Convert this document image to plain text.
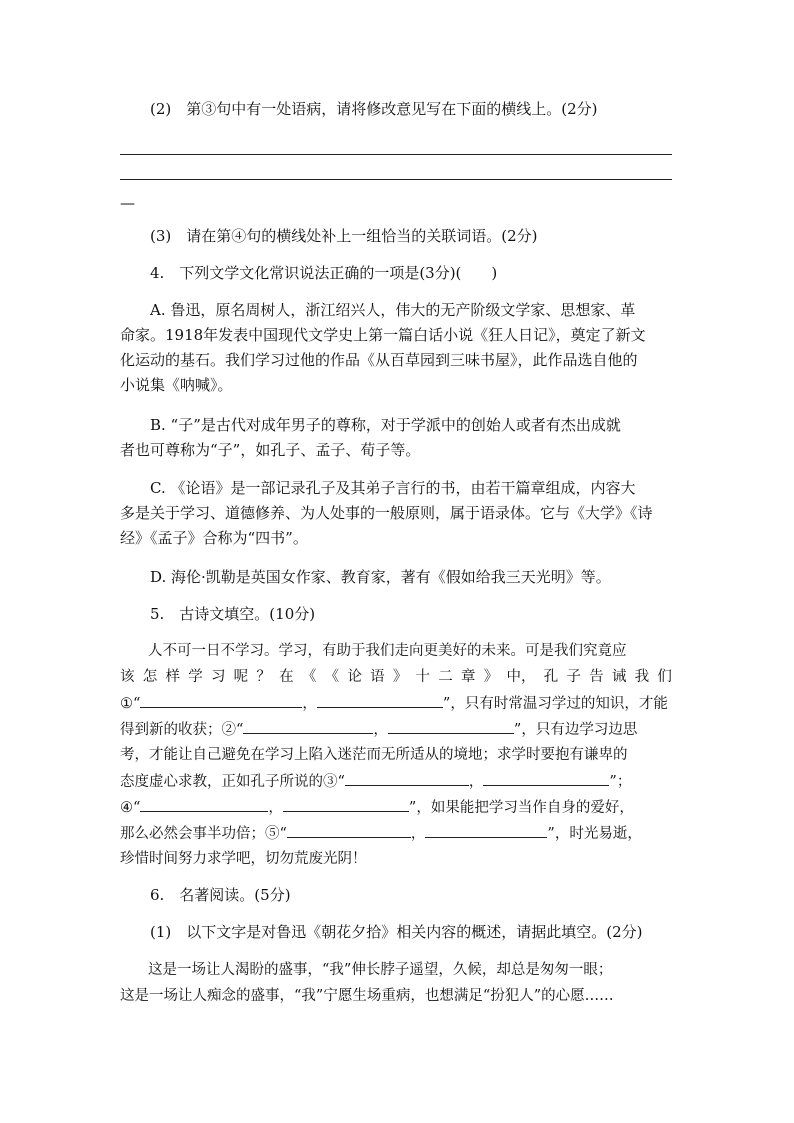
(2)　第③句中有一处语病，请将修改意见写在下面的横线上。(2分)
—
(3)　请在第④句的横线处补上一组恰当的关联词语。(2分)
4.　下列文学文化常识说法正确的一项是(3分)(　　)
A. 鲁迅，原名周树人，浙江绍兴人，伟大的无产阶级文学家、思想家、革
命家。1918年发表中国现代文学史上第一篇白话小说《狂人日记》，奠定了新文
化运动的基石。我们学习过他的作品《从百草园到三味书屋》，此作品选自他的
小说集《呐喊》。
B. “子”是古代对成年男子的尊称，对于学派中的创始人或者有杰出成就
者也可尊称为“子”，如孔子、孟子、荀子等。
C. 《论语》是一部记录孔子及其弟子言行的书，由若干篇章组成，内容大
多是关于学习、道德修养、为人处事的一般原则，属于语录体。它与《大学》《诗
经》《孟子》合称为“四书”。
D. 海伦·凯勒是英国女作家、教育家，著有《假如给我三天光明》等。
5.　古诗文填空。(10分)
人不可一日不学习。学习，有助于我们走向更美好的未来。可是我们究竟应
该 怎 样 学 习 呢 ？ 在 《 《 论 语 》 十 二 章 》 中， 孔 子 告 诫 我 们
①“	，	”，只有时常温习学过的知识，才能
得到新的收获；②“	，	”，只有边学习边思
考，才能让自己避免在学习上陷入迷茫而无所适从的境地；求学时要抱有谦卑的
态度虚心求教，正如孔子所说的③“	，	”；
④“	，	”，如果能把学习当作自身的爱好，
那么必然会事半功倍；⑤“	，	”，时光易逝，
珍惜时间努力求学吧，切勿荒废光阴！
6.　名著阅读。(5分)
(1)　以下文字是对鲁迅《朝花夕拾》相关内容的概述，请据此填空。(2分)
这是一场让人渴盼的盛事，“我”伸长脖子遥望，久候，却总是匆匆一眼；
这是一场让人痴念的盛事，“我”宁愿生场重病，也想满足“扮犯人”的心愿……
